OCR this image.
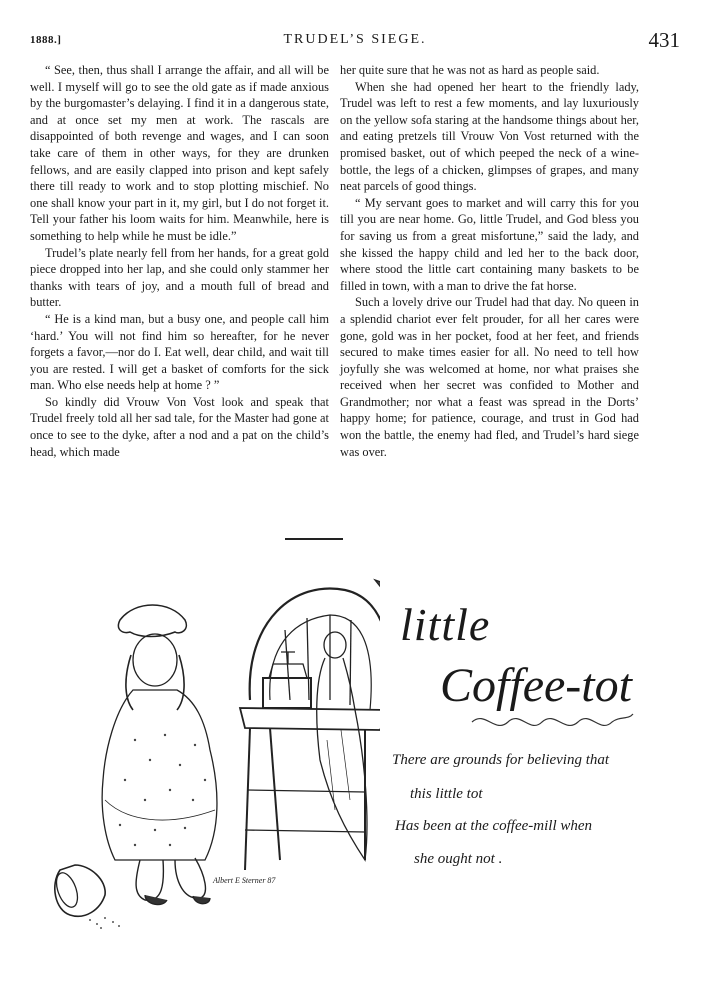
1888.]	TRUDEL’S SIEGE.	431

“ See, then, thus shall I arrange the affair, and all will be well. I myself will go to see the old gate as if made anxious by the burgomaster’s delaying. I find it in a dangerous state, and at once set my men at work. The rascals are disappointed of both revenge and wages, and I can soon take care of them in other ways, for they are drunken fellows, and are easily clapped into prison and kept safely there till ready to work and to stop plotting mischief. No one shall know your part in it, my girl, but I do not forget it. Tell your father his loom waits for him. Meanwhile, here is something to help while he must be idle.”

Trudel’s plate nearly fell from her hands, for a great gold piece dropped into her lap, and she could only stammer her thanks with tears of joy, and a mouth full of bread and butter.

“ He is a kind man, but a busy one, and people call him ‘hard.’ You will not find him so hereafter, for he never forgets a favor,—nor do I. Eat well, dear child, and wait till you are rested. I will get a basket of comforts for the sick man. Who else needs help at home ? ”

So kindly did Vrouw Von Vost look and speak that Trudel freely told all her sad tale, for the Master had gone at once to see to the dyke, after a nod and a pat on the child’s head, which made

her quite sure that he was not as hard as people said.

When she had opened her heart to the friendly lady, Trudel was left to rest a few moments, and lay luxuriously on the yellow sofa staring at the handsome things about her, and eating pretzels till Vrouw Von Vost returned with the promised basket, out of which peeped the neck of a wine-bottle, the legs of a chicken, glimpses of grapes, and many neat parcels of good things.

“ My servant goes to market and will carry this for you till you are near home. Go, little Trudel, and God bless you for saving us from a great misfortune,” said the lady, and she kissed the happy child and led her to the back door, where stood the little cart containing many baskets to be filled in town, with a man to drive the fat horse.

Such a lovely drive our Trudel had that day. No queen in a splendid chariot ever felt prouder, for all her cares were gone, gold was in her pocket, food at her feet, and friends secured to make times easier for all. No need to tell how joyfully she was welcomed at home, nor what praises she received when her secret was confided to Mother and Grandmother; nor what a feast was spread in the Dorts’ happy home; for patience, courage, and trust in God had won the battle, the enemy had fled, and Trudel’s hard siege was over.

Albert E Sterner 87
little
Coffee-tot
There are grounds for believing that
this little tot
Has been at the coffee-mill when
she ought not .
